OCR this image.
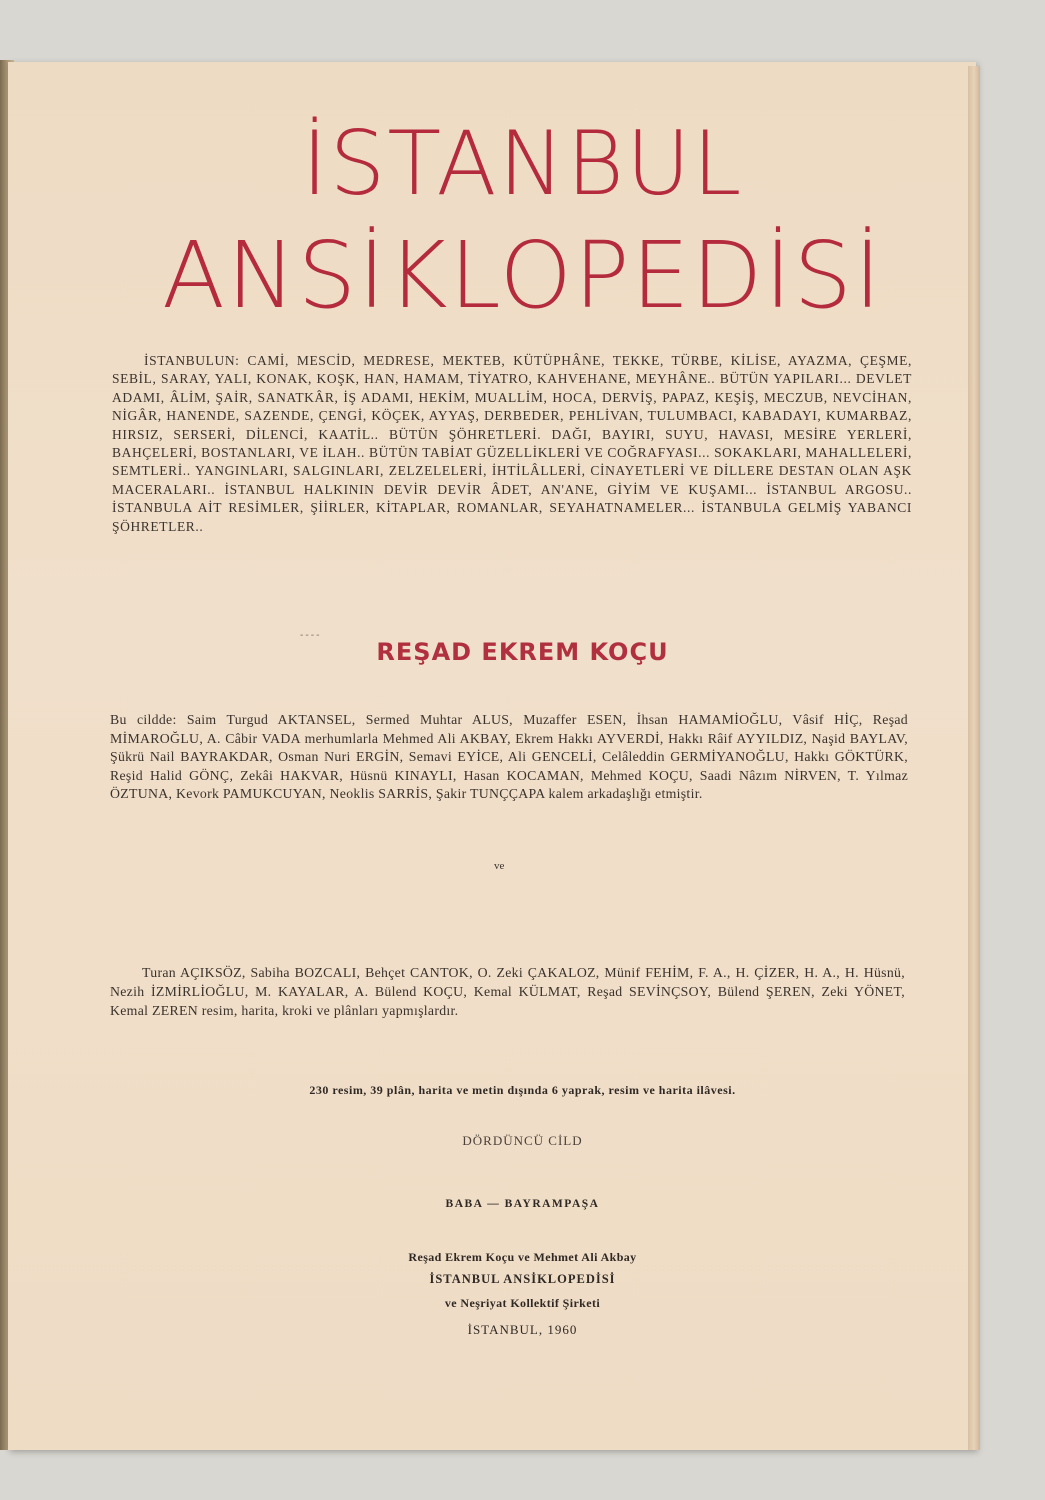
İSTANBUL
ANSİKLOPEDİSİ

İSTANBULUN: CAMİ, MESCİD, MEDRESE, MEKTEB, KÜTÜPHÂNE, TEKKE, TÜRBE, KİLİSE, AYAZMA, ÇEŞME, SEBİL, SARAY, YALI, KONAK, KOŞK, HAN, HAMAM, TİYATRO, KAHVEHANE, MEYHÂNE.. BÜTÜN YAPILARI... DEVLET ADAMI, ÂLİM, ŞAİR, SANATKÂR, İŞ ADAMI, HEKİM, MUALLİM, HOCA, DERVİŞ, PAPAZ, KEŞİŞ, MECZUB, NEVCİHAN, NİGÂR, HANENDE, SAZENDE, ÇENGİ, KÖÇEK, AYYAŞ, DERBEDER, PEHLİVAN, TULUMBACI, KABADAYI, KUMARBAZ, HIRSIZ, SERSERİ, DİLENCİ, KAATİL.. BÜTÜN ŞÖHRETLERİ. DAĞI, BAYIRI, SUYU, HAVASI, MESİRE YERLERİ, BAHÇELERİ, BOSTANLARI, VE İLAH.. BÜTÜN TABİAT GÜZELLİKLERİ VE COĞRAFYASI... SOKAKLARI, MAHALLELERİ, SEMTLERİ.. YANGINLARI, SALGINLARI, ZELZELELERİ, İHTİLÂLLERİ, CİNAYETLERİ VE DİLLERE DESTAN OLAN AŞK MACERALARI.. İSTANBUL HALKININ DEVİR DEVİR ÂDET, AN'ANE, GİYİM VE KUŞAMI... İSTANBUL ARGOSU.. İSTANBULA AİT RESİMLER, ŞİİRLER, KİTAPLAR, ROMANLAR, SEYAHATNAMELER... İSTANBULA GELMİŞ YABANCI ŞÖHRETLER..

----
REŞAD EKREM KOÇU

Bu cildde: Saim Turgud AKTANSEL, Sermed Muhtar ALUS, Muzaffer ESEN, İhsan HAMAMİOĞLU, Vâsif HİÇ, Reşad MİMAROĞLU, A. Câbir VADA merhumlarla Mehmed Ali AKBAY, Ekrem Hakkı AYVERDİ, Hakkı Râif AYYILDIZ, Naşid BAYLAV, Şükrü Nail BAYRAKDAR, Osman Nuri ERGİN, Semavi EYİCE, Ali GENCELİ, Celâleddin GERMİYANOĞLU, Hakkı GÖKTÜRK, Reşid Halid GÖNÇ, Zekâi HAKVAR, Hüsnü KINAYLI, Hasan KOCAMAN, Mehmed KOÇU, Saadi Nâzım NİRVEN, T. Yılmaz ÖZTUNA, Kevork PAMUKCUYAN, Neoklis SARRİS, Şakir TUNÇÇAPA kalem arkadaşlığı etmiştir.

ve

Turan AÇIKSÖZ, Sabiha BOZCALI, Behçet CANTOK, O. Zeki ÇAKALOZ, Münif FEHİM, F. A., H. ÇİZER, H. A., H. Hüsnü, Nezih İZMİRLİOĞLU, M. KAYALAR, A. Bülend KOÇU, Kemal KÜLMAT, Reşad SEVİNÇSOY, Bülend ŞEREN, Zeki YÖNET, Kemal ZEREN resim, harita, kroki ve plânları yapmışlardır.

230 resim, 39 plân, harita ve metin dışında 6 yaprak, resim ve harita ilâvesi.

DÖRDÜNCÜ CİLD

BABA — BAYRAMPAŞA

Reşad Ekrem Koçu ve Mehmet Ali Akbay

İSTANBUL ANSİKLOPEDİSİ

ve Neşriyat Kollektif Şirketi

İSTANBUL, 1960
